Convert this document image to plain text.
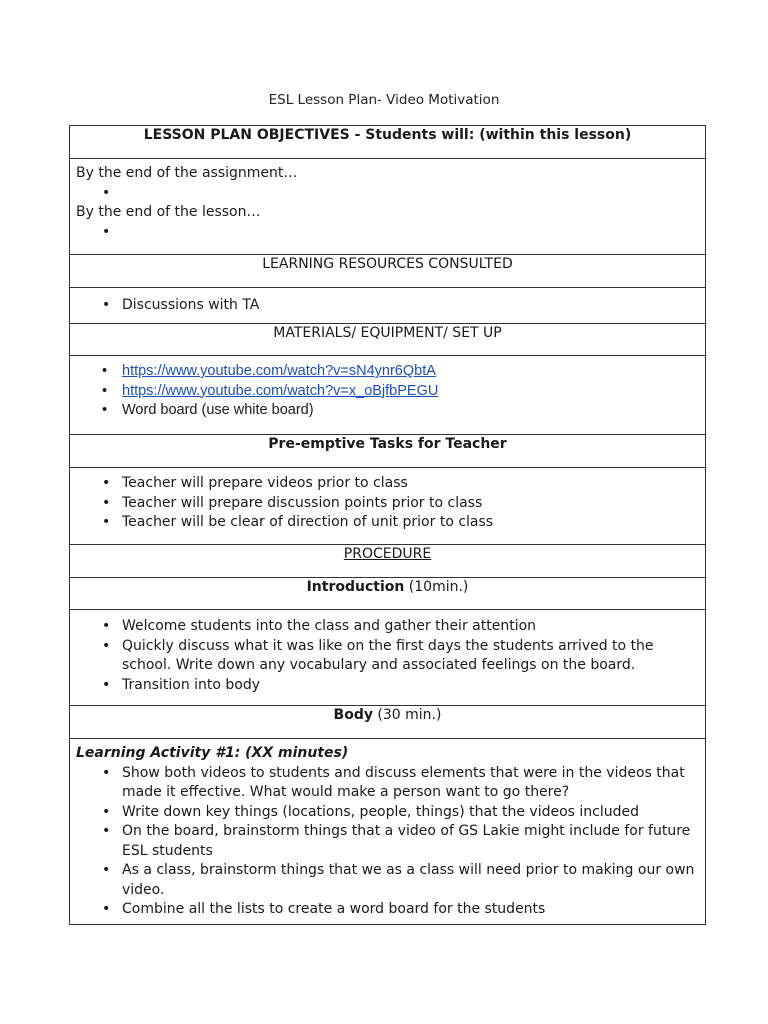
ESL Lesson Plan- Video Motivation
LESSON PLAN OBJECTIVES - Students will: (within this lesson)

By the end of the assignment…
•
By the end of the lesson…
•

LEARNING RESOURCES CONSULTED

• Discussions with TA

MATERIALS/ EQUIPMENT/ SET UP

• https://www.youtube.com/watch?v=sN4ynr6QbtA
• https://www.youtube.com/watch?v=x_oBjfbPEGU
• Word board (use white board)

Pre-emptive Tasks for Teacher

• Teacher will prepare videos prior to class
• Teacher will prepare discussion points prior to class
• Teacher will be clear of direction of unit prior to class

PROCEDURE
Introduction (10min.)

• Welcome students into the class and gather their attention
• Quickly discuss what it was like on the first days the students arrived to the school. Write down any vocabulary and associated feelings on the board.
• Transition into body

Body (30 min.)

Learning Activity #1: (XX minutes)
• Show both videos to students and discuss elements that were in the videos that made it effective. What would make a person want to go there?
• Write down key things (locations, people, things) that the videos included
• On the board, brainstorm things that a video of GS Lakie might include for future ESL students
• As a class, brainstorm things that we as a class will need prior to making our own video.
• Combine all the lists to create a word board for the students
